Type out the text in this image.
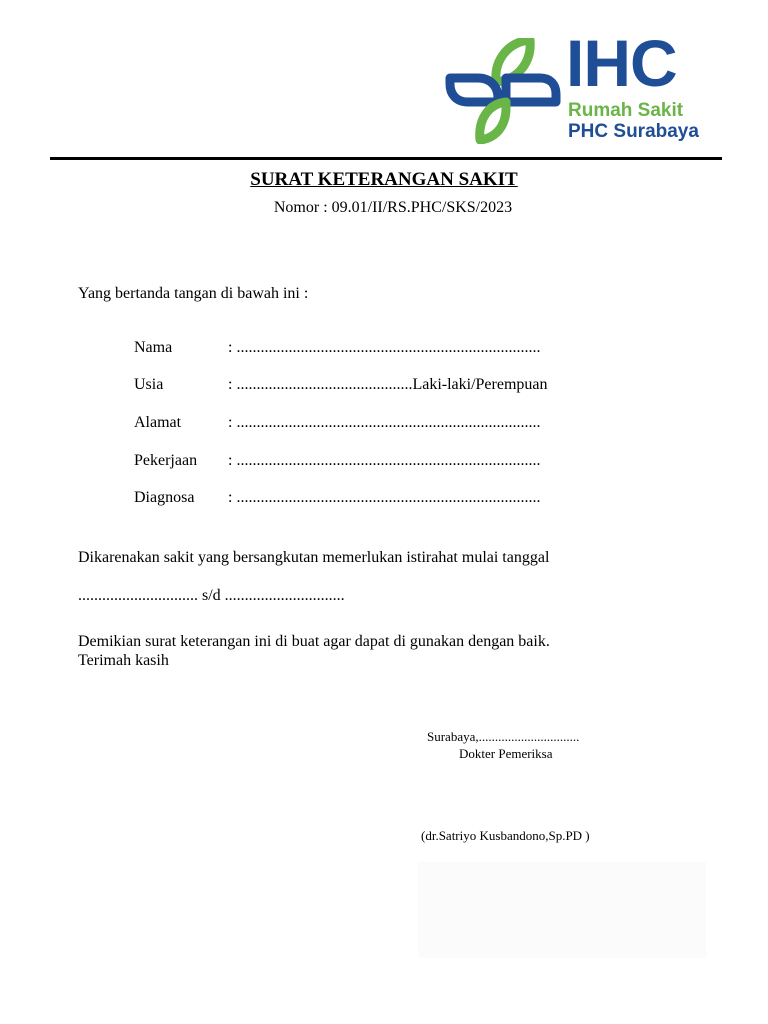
IHC
Rumah Sakit
PHC Surabaya
SURAT KETERANGAN SAKIT
Nomor : 09.01/II/RS.PHC/SKS/2023
Yang bertanda tangan di bawah ini :
Nama	: ............................................................................
Usia	: ............................................Laki-laki/Perempuan
Alamat	: ............................................................................
Pekerjaan : ............................................................................
Diagnosa : ............................................................................
Dikarenakan sakit yang bersangkutan memerlukan istirahat mulai tanggal
.............................. s/d ..............................
Demikian surat keterangan ini di buat agar dapat di gunakan dengan baik.
Terimah kasih
Surabaya,...............................
Dokter Pemeriksa
(dr.Satriyo Kusbandono,Sp.PD )
